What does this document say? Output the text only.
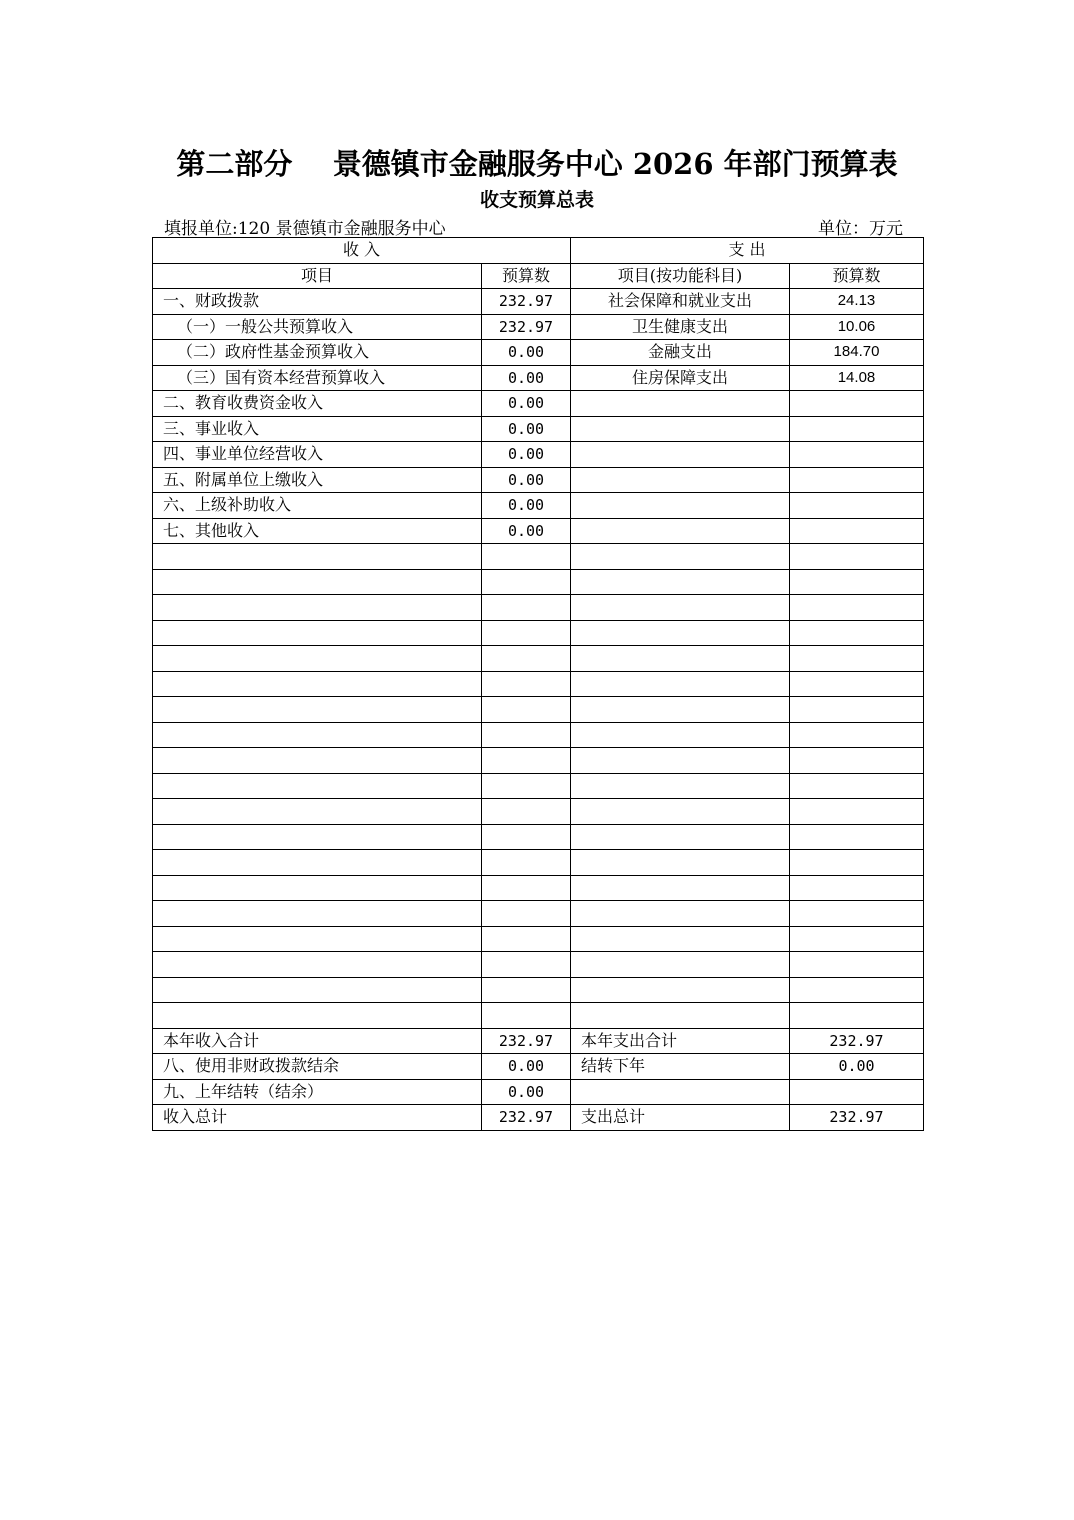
第二部分    景德镇市金融服务中心 2026 年部门预算表
收支预算总表
填报单位:120 景德镇市金融服务中心	单位：万元
收 入		支 出	
项目	预算数	项目(按功能科目)	预算数
一、财政拨款	232.97	社会保障和就业支出	24.13
（一）一般公共预算收入	232.97	卫生健康支出	10.06
（二）政府性基金预算收入	0.00	金融支出	184.70
（三）国有资本经营预算收入	0.00	住房保障支出	14.08
二、教育收费资金收入	0.00		
三、事业收入	0.00		
四、事业单位经营收入	0.00		
五、附属单位上缴收入	0.00		
六、上级补助收入	0.00		
七、其他收入	0.00		

本年收入合计	232.97	本年支出合计	232.97
八、使用非财政拨款结余	0.00	结转下年	0.00
九、上年结转（结余）	0.00		
收入总计	232.97	支出总计	232.97
